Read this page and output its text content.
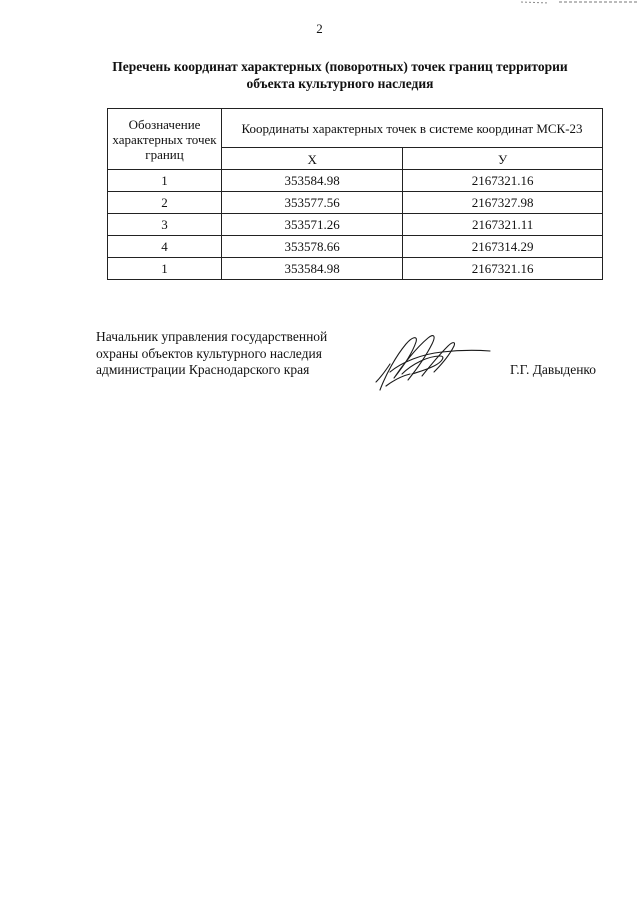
2
Перечень координат характерных (поворотных) точек границ территории
объекта культурного наследия
Обозначение характерных точек границ	Координаты характерных точек в системе координат МСК-23	
	X	У
1	353584.98	2167321.16
2	353577.56	2167327.98
3	353571.26	2167321.11
4	353578.66	2167314.29
1	353584.98	2167321.16
Начальник управления государственной
охраны объектов культурного наследия
администрации Краснодарского края	Г.Г. Давыденко
